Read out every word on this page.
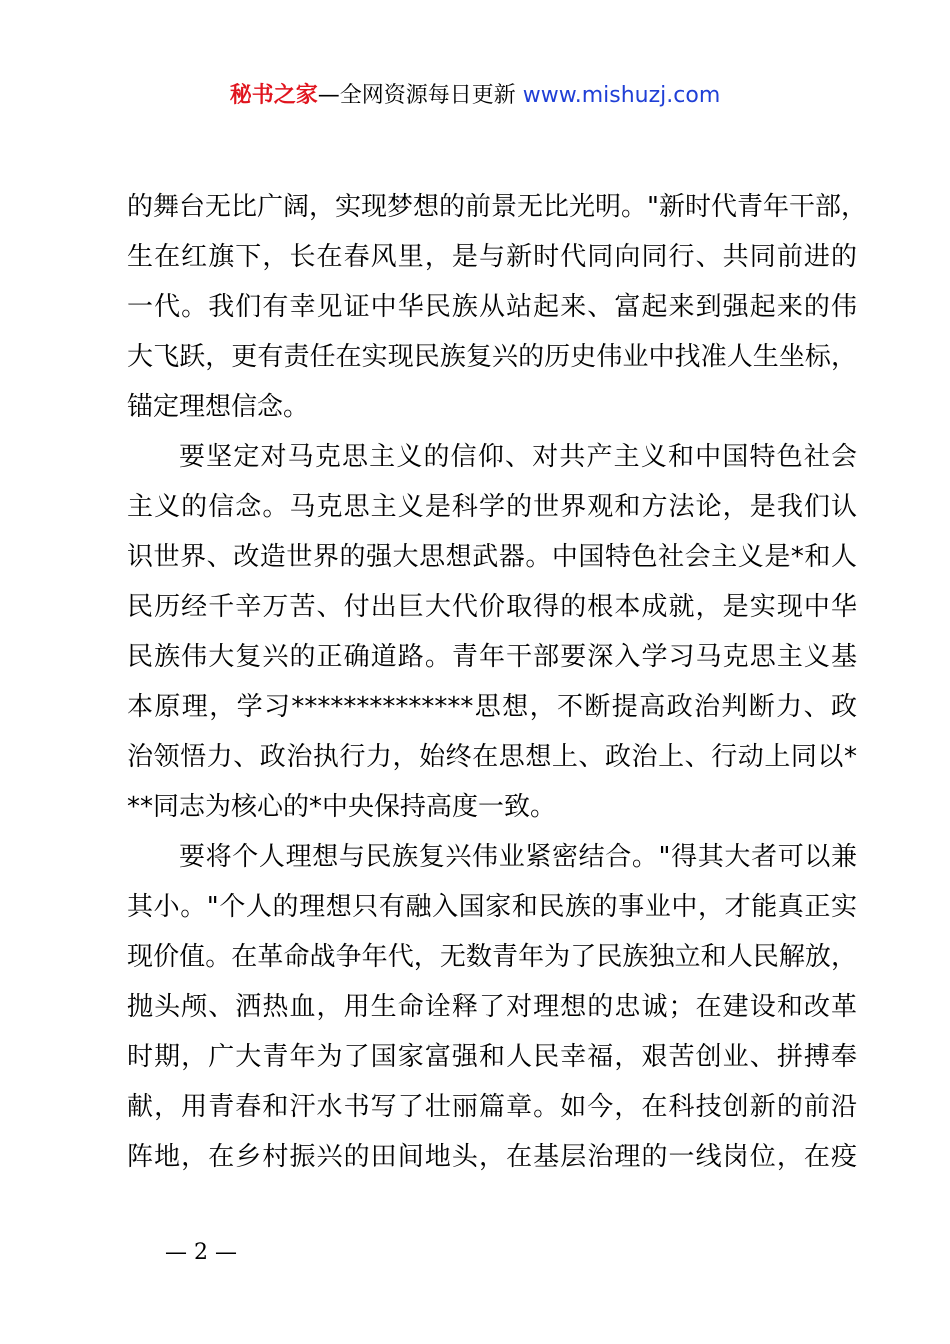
秘书之家—全网资源每日更新 www.mishuzj.com
的舞台无比广阔，实现梦想的前景无比光明。"新时代青年干部，
生在红旗下，长在春风里，是与新时代同向同行、共同前进的
一代。我们有幸见证中华民族从站起来、富起来到强起来的伟
大飞跃，更有责任在实现民族复兴的历史伟业中找准人生坐标，
锚定理想信念。
要坚定对马克思主义的信仰、对共产主义和中国特色社会
主义的信念。马克思主义是科学的世界观和方法论，是我们认
识世界、改造世界的强大思想武器。中国特色社会主义是*和人
民历经千辛万苦、付出巨大代价取得的根本成就，是实现中华
民族伟大复兴的正确道路。青年干部要深入学习马克思主义基
本原理，学习**************思想，不断提高政治判断力、政
治领悟力、政治执行力，始终在思想上、政治上、行动上同以*
**同志为核心的*中央保持高度一致。
要将个人理想与民族复兴伟业紧密结合。"得其大者可以兼
其小。"个人的理想只有融入国家和民族的事业中，才能真正实
现价值。在革命战争年代，无数青年为了民族独立和人民解放，
抛头颅、洒热血，用生命诠释了对理想的忠诚；在建设和改革
时期，广大青年为了国家富强和人民幸福，艰苦创业、拼搏奉
献，用青春和汗水书写了壮丽篇章。如今，在科技创新的前沿
阵地，在乡村振兴的田间地头，在基层治理的一线岗位，在疫
— 2 —
